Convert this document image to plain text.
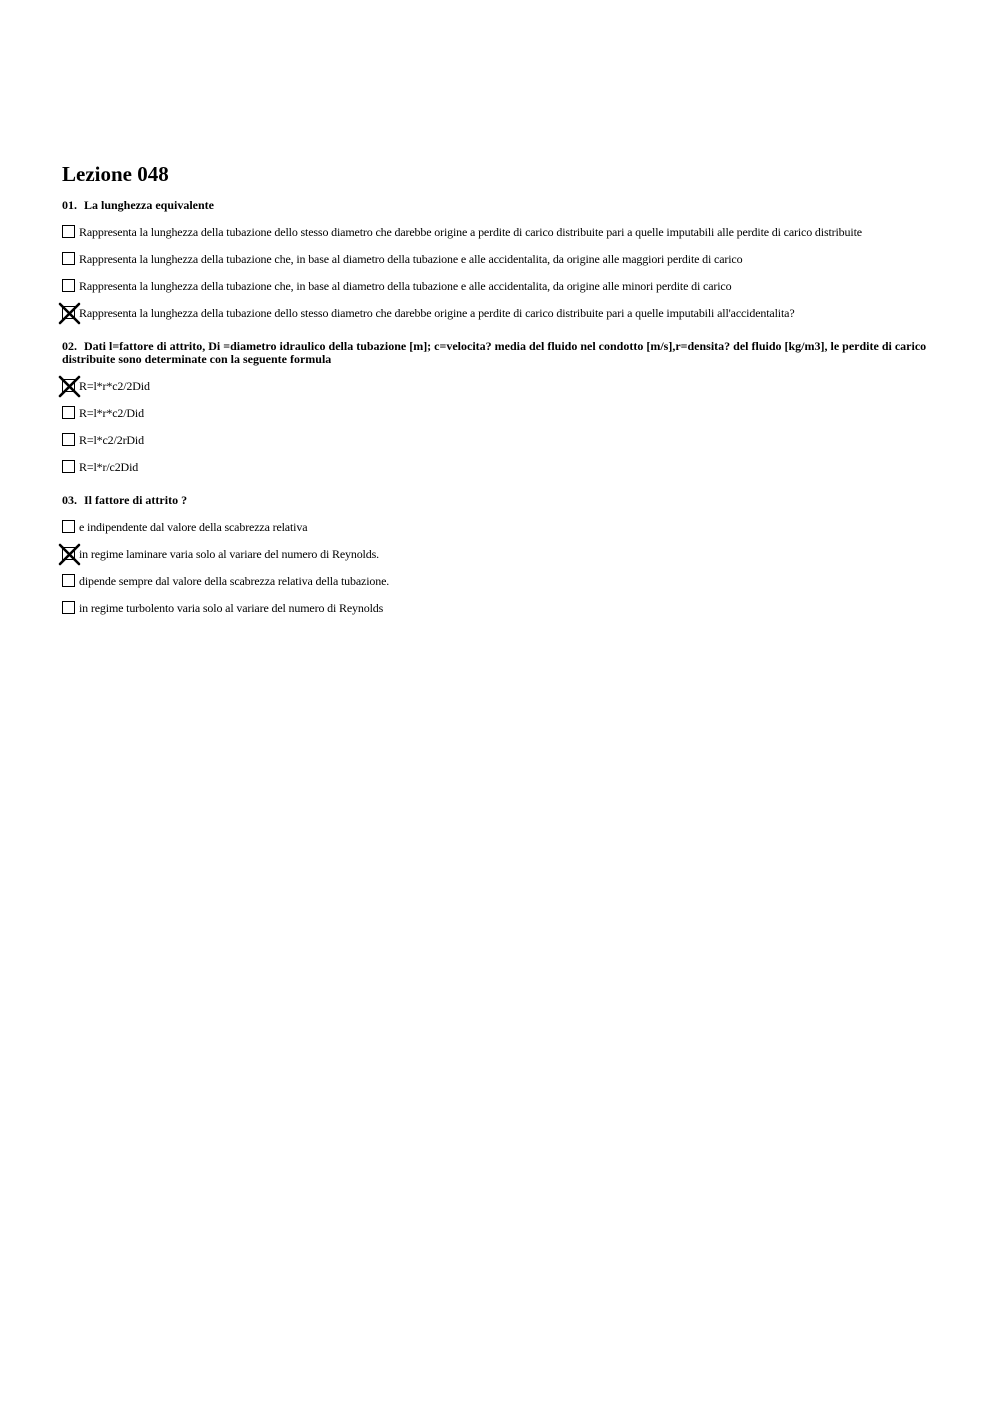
Lezione 048
01. La lunghezza equivalente
Rappresenta la lunghezza della tubazione dello stesso diametro che darebbe origine a perdite di carico distribuite pari a quelle imputabili alle perdite di carico distribuite
Rappresenta la lunghezza della tubazione che, in base al diametro della tubazione e alle accidentalita, da origine alle maggiori perdite di carico
Rappresenta la lunghezza della tubazione che, in base al diametro della tubazione e alle accidentalita, da origine alle minori perdite di carico
Rappresenta la lunghezza della tubazione dello stesso diametro che darebbe origine a perdite di carico distribuite pari a quelle imputabili all'accidentalita?
02. Dati l=fattore di attrito, Di =diametro idraulico della tubazione [m]; c=velocita? media del fluido nel condotto [m/s],r=densita? del fluido [kg/m3], le perdite di carico distribuite sono determinate con la seguente formula
R=l*r*c2/2Did
R=l*r*c2/Did
R=l*c2/2rDid
R=l*r/c2Did
03. Il fattore di attrito ?
e indipendente dal valore della scabrezza relativa
in regime laminare varia solo al variare del numero di Reynolds.
dipende sempre dal valore della scabrezza relativa della tubazione.
in regime turbolento varia solo al variare del numero di Reynolds
